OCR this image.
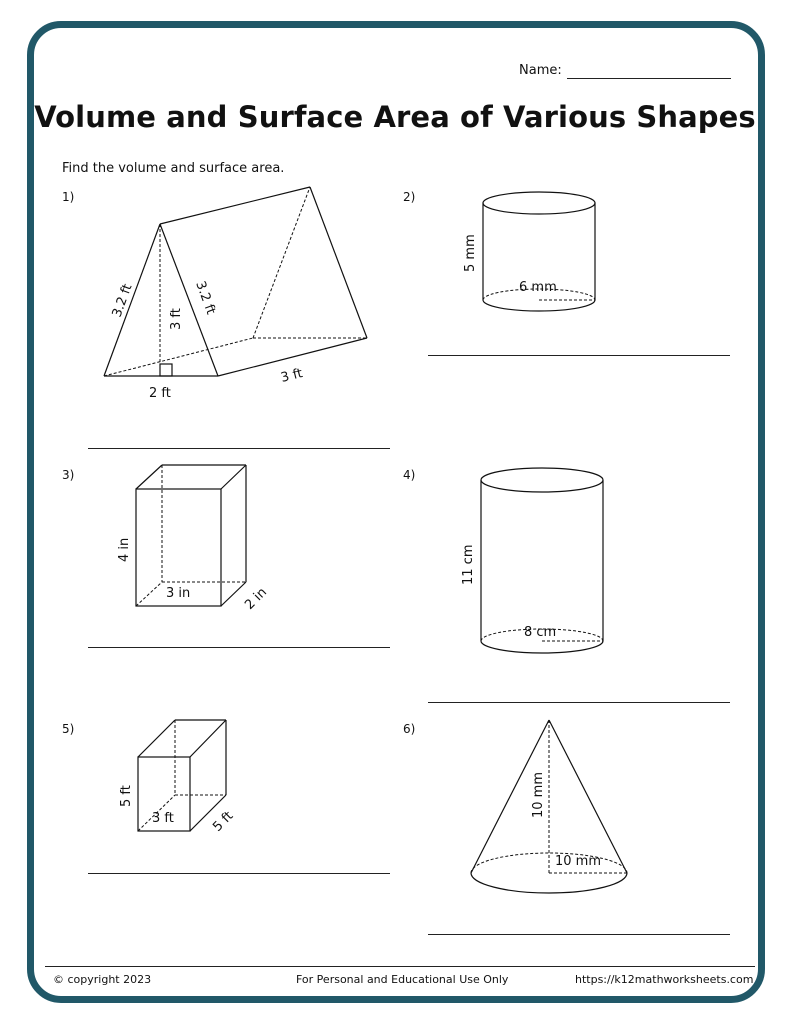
Name:
Volume and Surface Area of Various Shapes
Find the volume and surface area.
1)	2)
3)	4)
5)	6)
3.2 ft	3 ft
3.2 ft
2 ft
3 ft
5 mm
6 mm
4 in
3 in	2 in
11 cm
8 cm
5 ft
3 ft	5 ft
10 mm
10 mm
© copyright 2023	For Personal and Educational Use Only	https://k12mathworksheets.com
